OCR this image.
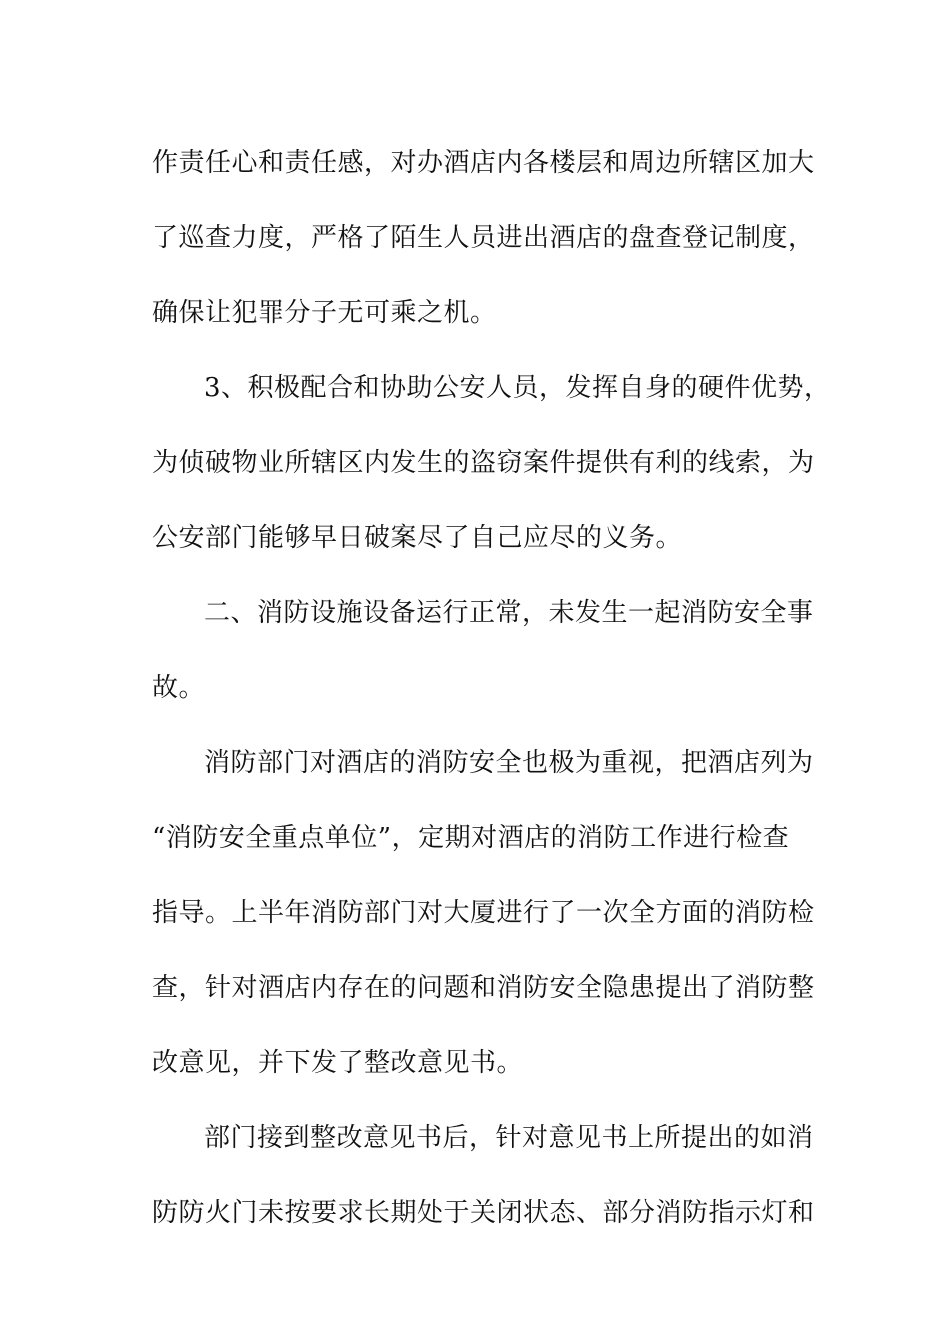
作责任心和责任感，对办酒店内各楼层和周边所辖区加大
了巡查力度，严格了陌生人员进出酒店的盘查登记制度，
确保让犯罪分子无可乘之机。
3、积极配合和协助公安人员，发挥自身的硬件优势，
为侦破物业所辖区内发生的盗窃案件提供有利的线索，为
公安部门能够早日破案尽了自己应尽的义务。
二、消防设施设备运行正常，未发生一起消防安全事
故。
消防部门对酒店的消防安全也极为重视，把酒店列为
“消防安全重点单位”，定期对酒店的消防工作进行检查
指导。上半年消防部门对大厦进行了一次全方面的消防检
查，针对酒店内存在的问题和消防安全隐患提出了消防整
改意见，并下发了整改意见书。
部门接到整改意见书后，针对意见书上所提出的如消
防防火门未按要求长期处于关闭状态、部分消防指示灯和
